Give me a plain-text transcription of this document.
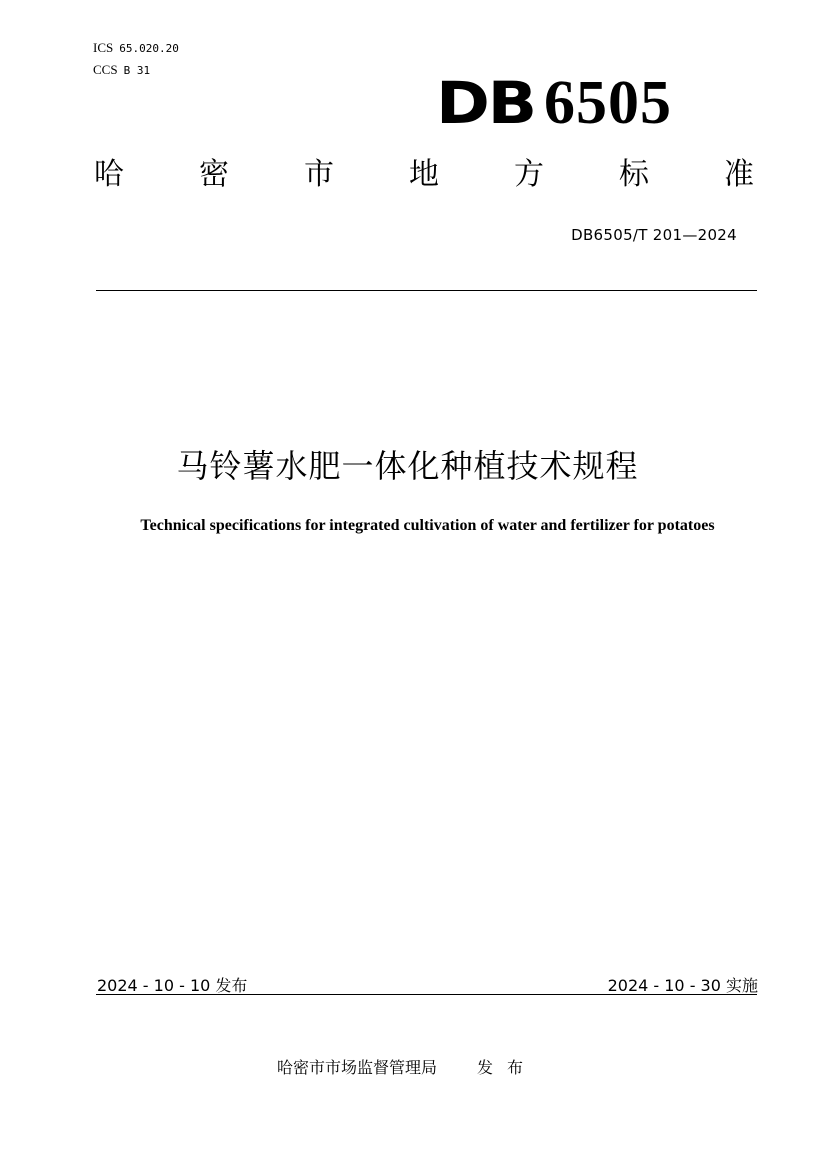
ICS 65.020.20
CCS B 31	DB 6505
哈	密	市	地	方	标	准
DB6505/T 201—2024
马铃薯水肥一体化种植技术规程
Technical specifications for integrated cultivation of water and fertilizer for potatoes
2024 - 10 - 10 发布	2024 - 10 - 30 实施
哈密市市场监督管理局	发布
